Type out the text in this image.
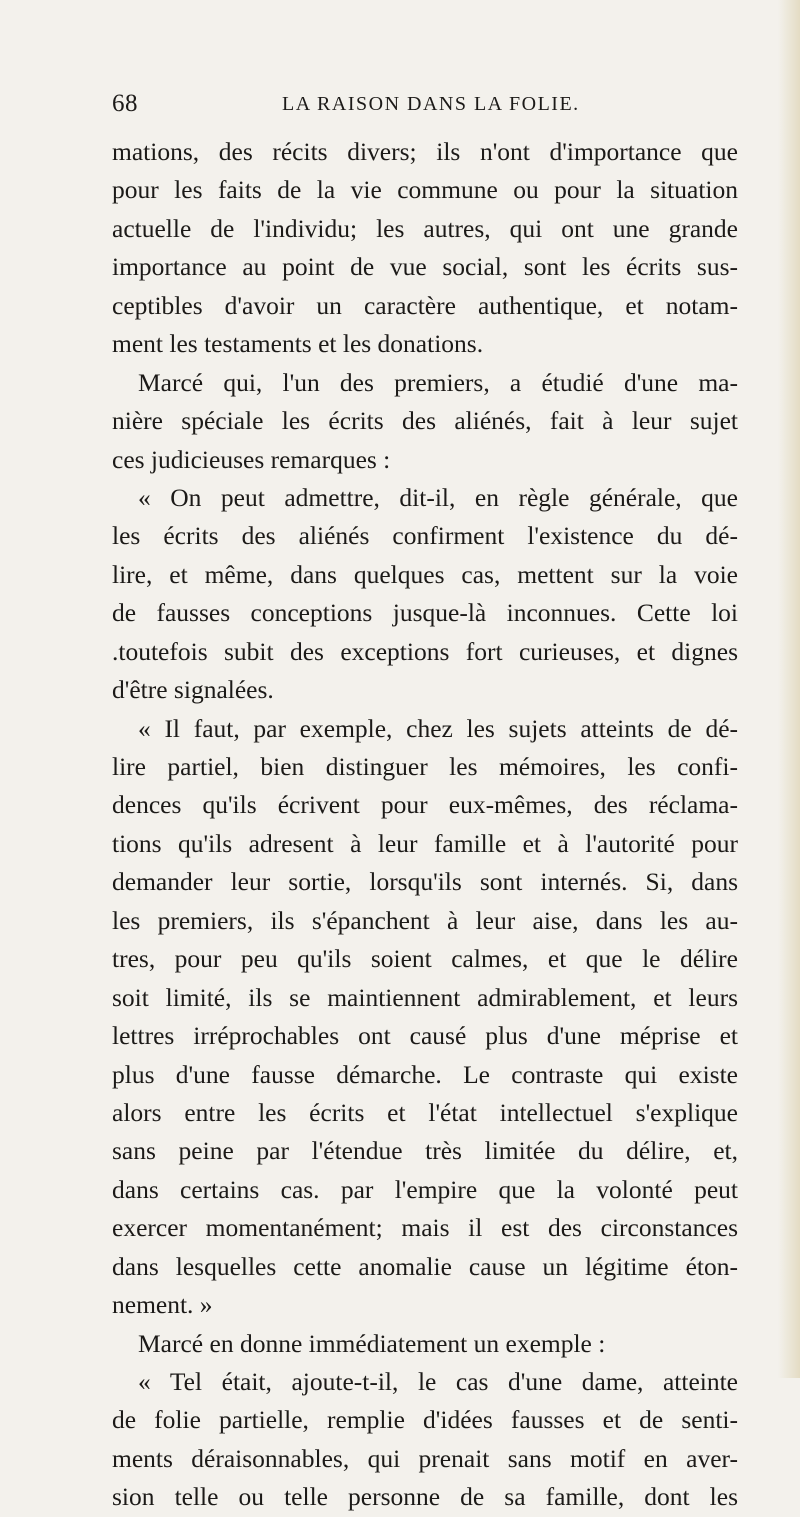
68	LA RAISON DANS LA FOLIE.
mations, des récits divers; ils n'ont d'importance que
pour les faits de la vie commune ou pour la situation
actuelle de l'individu; les autres, qui ont une grande
importance au point de vue social, sont les écrits sus-
ceptibles d'avoir un caractère authentique, et notam-
ment les testaments et les donations.
Marcé qui, l'un des premiers, a étudié d'une ma-
nière spéciale les écrits des aliénés, fait à leur sujet
ces judicieuses remarques :
« On peut admettre, dit-il, en règle générale, que
les écrits des aliénés confirment l'existence du dé-
lire, et même, dans quelques cas, mettent sur la voie
de fausses conceptions jusque-là inconnues. Cette loi
.toutefois subit des exceptions fort curieuses, et dignes
d'être signalées.
« Il faut, par exemple, chez les sujets atteints de dé-
lire partiel, bien distinguer les mémoires, les confi-
dences qu'ils écrivent pour eux-mêmes, des réclama-
tions qu'ils adresent à leur famille et à l'autorité pour
demander leur sortie, lorsqu'ils sont internés. Si, dans
les premiers, ils s'épanchent à leur aise, dans les au-
tres, pour peu qu'ils soient calmes, et que le délire
soit limité, ils se maintiennent admirablement, et leurs
lettres irréprochables ont causé plus d'une méprise et
plus d'une fausse démarche. Le contraste qui existe
alors entre les écrits et l'état intellectuel s'explique
sans peine par l'étendue très limitée du délire, et,
dans certains cas. par l'empire que la volonté peut
exercer momentanément; mais il est des circonstances
dans lesquelles cette anomalie cause un légitime éton-
nement. »
Marcé en donne immédiatement un exemple :
« Tel était, ajoute-t-il, le cas d'une dame, atteinte
de folie partielle, remplie d'idées fausses et de senti-
ments déraisonnables, qui prenait sans motif en aver-
sion telle ou telle personne de sa famille, dont les
